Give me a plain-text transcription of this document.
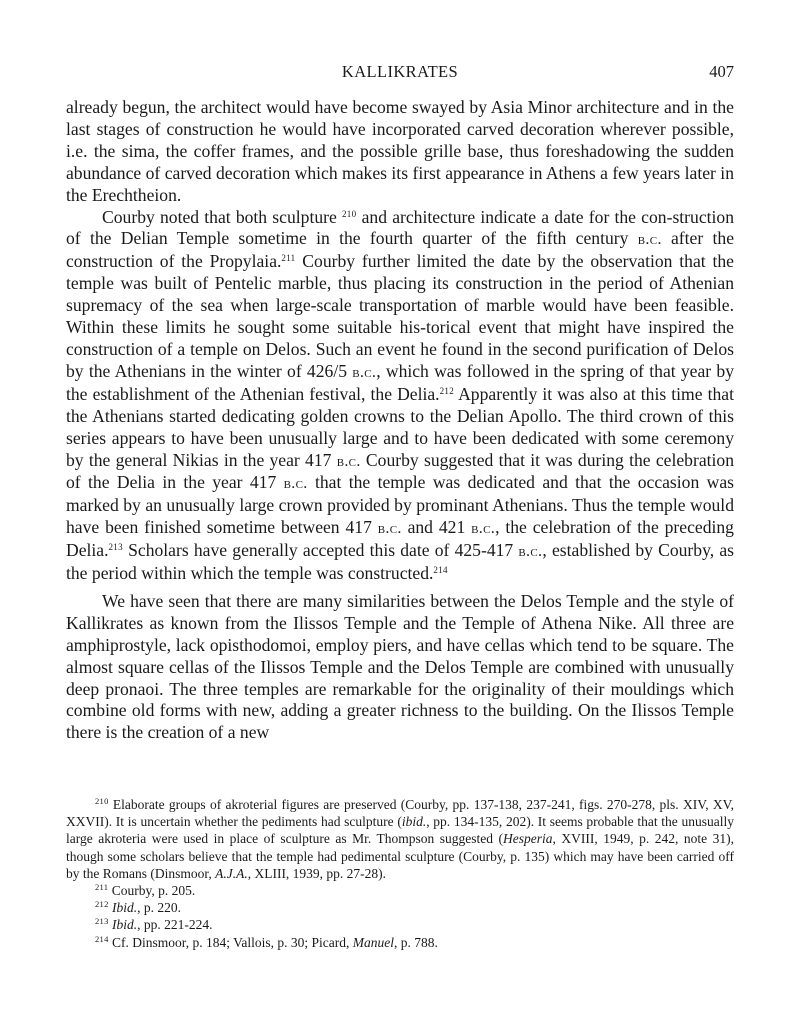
KALLIKRATES	407

already begun, the architect would have become swayed by Asia Minor architecture and in the last stages of construction he would have incorporated carved decoration wherever possible, i.e. the sima, the coffer frames, and the possible grille base, thus foreshadowing the sudden abundance of carved decoration which makes its first appearance in Athens a few years later in the Erechtheion.

Courby noted that both sculpture $^{210}$ and architecture indicate a date for the con-struction of the Delian Temple sometime in the fourth quarter of the fifth century b.c. after the construction of the Propylaia.$^{211}$ Courby further limited the date by the observation that the temple was built of Pentelic marble, thus placing its construction in the period of Athenian supremacy of the sea when large-scale transportation of marble would have been feasible. Within these limits he sought some suitable his-torical event that might have inspired the construction of a temple on Delos. Such an event he found in the second purification of Delos by the Athenians in the winter of 426/5 b.c., which was followed in the spring of that year by the establishment of the Athenian festival, the Delia.$^{212}$ Apparently it was also at this time that the Athenians started dedicating golden crowns to the Delian Apollo. The third crown of this series appears to have been unusually large and to have been dedicated with some ceremony by the general Nikias in the year 417 b.c. Courby suggested that it was during the celebration of the Delia in the year 417 b.c. that the temple was dedicated and that the occasion was marked by an unusually large crown provided by prominant Athenians. Thus the temple would have been finished sometime between 417 b.c. and 421 b.c., the celebration of the preceding Delia.$^{213}$ Scholars have generally accepted this date of 425-417 b.c., established by Courby, as the period within which the temple was constructed.$^{214}$

We have seen that there are many similarities between the Delos Temple and the style of Kallikrates as known from the Ilissos Temple and the Temple of Athena Nike. All three are amphiprostyle, lack opisthodomoi, employ piers, and have cellas which tend to be square. The almost square cellas of the Ilissos Temple and the Delos Temple are combined with unusually deep pronaoi. The three temples are remarkable for the originality of their mouldings which combine old forms with new, adding a greater richness to the building. On the Ilissos Temple there is the creation of a new

$^{210}$ Elaborate groups of akroterial figures are preserved (Courby, pp. 137-138, 237-241, figs. 270-278, pls. XIV, XV, XXVII). It is uncertain whether the pediments had sculpture (ibid., pp. 134-135, 202). It seems probable that the unusually large akroteria were used in place of sculpture as Mr. Thompson suggested (Hesperia, XVIII, 1949, p. 242, note 31), though some scholars believe that the temple had pedimental sculpture (Courby, p. 135) which may have been carried off by the Romans (Dinsmoor, A.J.A., XLIII, 1939, pp. 27-28).

$^{211}$ Courby, p. 205.

$^{212}$ Ibid., p. 220.

$^{213}$ Ibid., pp. 221-224.

$^{214}$ Cf. Dinsmoor, p. 184; Vallois, p. 30; Picard, Manuel, p. 788.
